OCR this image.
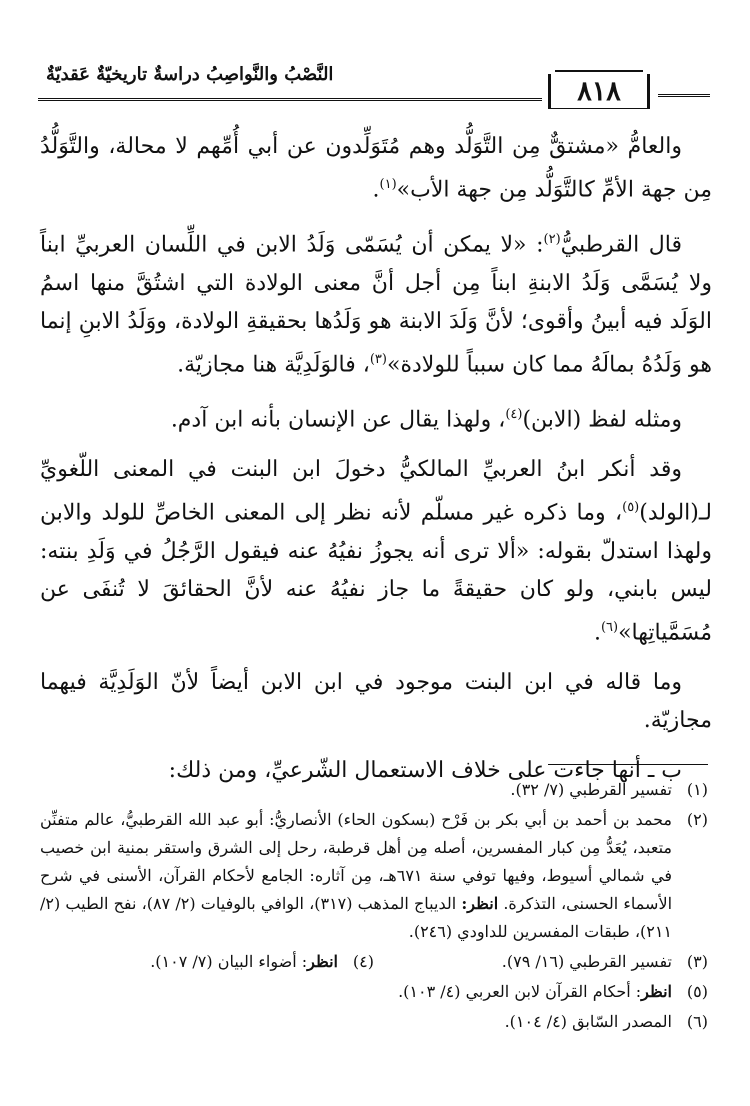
٨١٨
النَّصْبُ والنَّواصِبُ دراسةٌ تاريخيّةٌ عَقديّةٌ

والعامُّ «مشتقٌّ مِن التَّوَلُّد وهم مُتَوَلِّدون عن أبي أُمِّهم لا محالة، والتَّوَلُّدُ مِن جهة الأمِّ كالتَّوَلُّد مِن جهة الأب»$^{(١)}$.

قال القرطبيُّ$^{(٢)}$: «لا يمكن أن يُسَمّى وَلَدُ الابن في اللِّسان العربيِّ ابناً ولا يُسَمَّى وَلَدُ الابنةِ ابناً مِن أجل أنَّ معنى الولادة التي اشتُقَّ منها اسمُ الوَلَد فيه أبينُ وأقوى؛ لأنَّ وَلَدَ الابنة هو وَلَدُها بحقيقةِ الولادة، ووَلَدُ الابنِ إنما هو وَلَدُهُ بمالَهُ مما كان سبباً للولادة»$^{(٣)}$، فالوَلَدِيَّة هنا مجازيّة.

ومثله لفظ (الابن)$^{(٤)}$، ولهذا يقال عن الإنسان بأنه ابن آدم.

وقد أنكر ابنُ العربيِّ المالكيُّ دخولَ ابن البنت في المعنى اللّغويِّ لـ(الولد)$^{(٥)}$، وما ذكره غير مسلّم لأنه نظر إلى المعنى الخاصِّ للولد والابن ولهذا استدلّ بقوله: «ألا ترى أنه يجوزُ نفيُهُ عنه فيقول الرَّجُلُ في وَلَدِ بنته: ليس بابني، ولو كان حقيقةً ما جاز نفيُهُ عنه لأنَّ الحقائقَ لا تُنفَى عن مُسَمَّياتِها»$^{(٦)}$.

وما قاله في ابن البنت موجود في ابن الابن أيضاً لأنّ الوَلَدِيَّة فيهما مجازيّة.

ب ـ أنها جاءت على خلاف الاستعمال الشّرعيِّ، ومن ذلك:

(١)
تفسير القرطبي (٧/ ٣٢).
(٢)
محمد بن أحمد بن أبي بكر بن فَرْح (بسكون الحاء) الأنصاريُّ: أبو عبد الله القرطبيُّ، عالم متفنِّن متعبد، يُعَدُّ مِن كبار المفسرين، أصله مِن أهل قرطبة، رحل إلى الشرق واستقر بمنية ابن خصيب في شمالي أسيوط، وفيها توفي سنة ٦٧١هـ، مِن آثاره: الجامع لأحكام القرآن، الأسنى في شرح الأسماء الحسنى، التذكرة. انظر: الديباج المذهب (٣١٧)، الوافي بالوفيات (٢/ ٨٧)، نفح الطيب (٢/ ٢١١)، طبقات المفسرين للداودي (٢٤٦).
(٣)
تفسير القرطبي (١٦/ ٧٩).
(٤)
انظر: أضواء البيان (٧/ ١٠٧).
(٥)
انظر: أحكام القرآن لابن العربي (٤/ ١٠٣).
(٦)
المصدر السّابق (٤/ ١٠٤).
